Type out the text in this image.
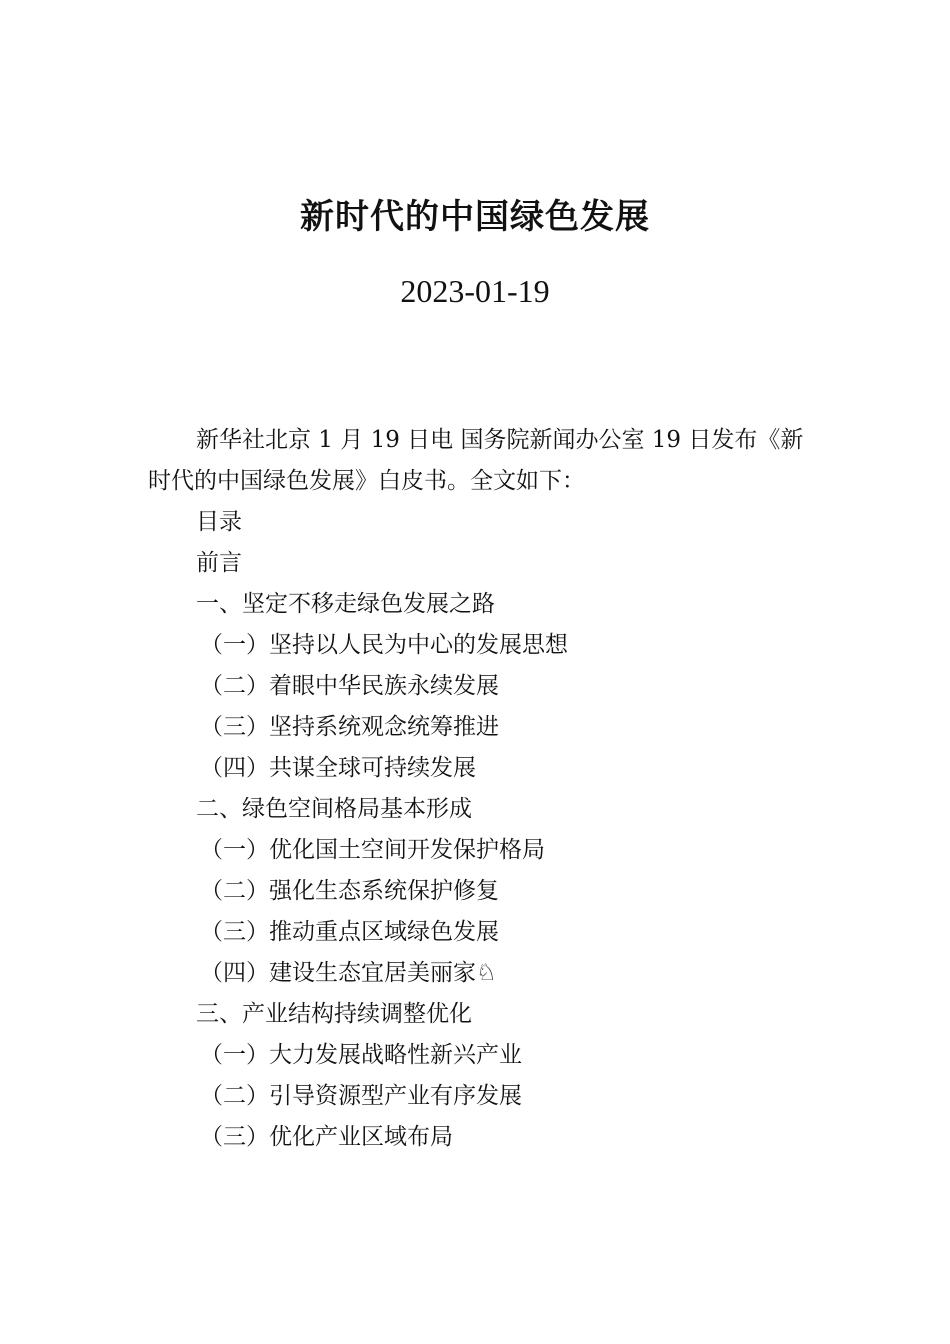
新时代的中国绿色发展
2023-01-19

新华社北京 1 月 19 日电 国务院新闻办公室 19 日发布《新时代的中国绿色发展》白皮书。全文如下：

目录
前言
一、坚定不移走绿色发展之路
（一）坚持以人民为中心的发展思想
（二）着眼中华民族永续发展
（三）坚持系统观念统筹推进
（四）共谋全球可持续发展
二、绿色空间格局基本形成
（一）优化国土空间开发保护格局
（二）强化生态系统保护修复
（三）推动重点区域绿色发展
（四）建设生态宜居美丽家♘
三、产业结构持续调整优化
（一）大力发展战略性新兴产业
（二）引导资源型产业有序发展
（三）优化产业区域布局
